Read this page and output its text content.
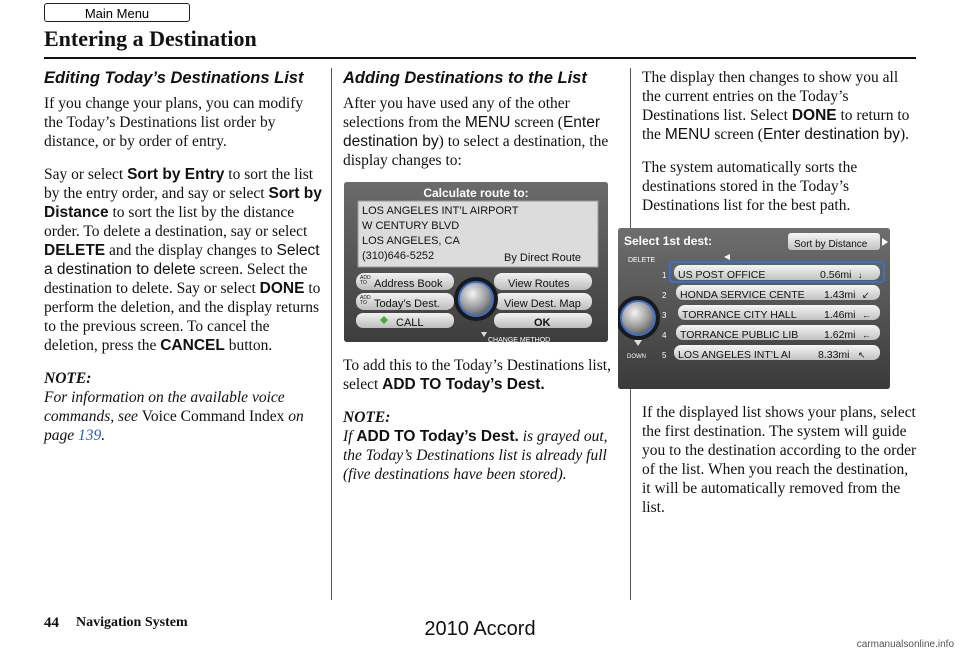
Main Menu
Entering a Destination
Editing Today’s Destinations List

If you change your plans, you can modify the Today’s Destinations list order by distance, or by order of entry.

Say or select Sort by Entry to sort the list by the entry order, and say or select Sort by Distance to sort the list by the distance order. To delete a destination, say or select DELETE and the display changes to Select a destination to delete screen. Select the destination to delete. Say or select DONE to perform the deletion, and the display returns to the previous screen. To cancel the deletion, press the CANCEL button.

NOTE:

For information on the available voice commands, see Voice Command Index on page 139.

Adding Destinations to the List

After you have used any of the other selections from the MENU screen (Enter destination by) to select a destination, the display changes to:

Calculate route to:
LOS ANGELES INT’L AIRPORT
W CENTURY BLVD
LOS ANGELES, CA
(310)646-5252	By Direct Route
ADD TO Address Book	View Routes
ADD TO Today’s Dest.	View Dest. Map
CALL	OK
CHANGE METHOD

To add this to the Today’s Destinations list, select ADD TO Today’s Dest.

NOTE:

If ADD TO Today’s Dest. is grayed out, the Today’s Destinations list is already full (five destinations have been stored).

The display then changes to show you all the current entries on the Today’s Destinations list. Select DONE to return to the MENU screen (Enter destination by).

The system automatically sorts the destinations stored in the Today’s Destinations list for the best path.

Select 1st dest:	Sort by Distance
DELETE
DOWN
1 US POST OFFICE	0.56mi ↓
2 HONDA SERVICE CENTE 1.43mi ↙
3 TORRANCE CITY HALL	1.46mi ←
4 TORRANCE PUBLIC LIB 1.62mi ←
5 LOS ANGELES INT’L AI	8.33mi ↖

If the displayed list shows your plans, select the first destination. The system will guide you to the destination according to the order of the list. When you reach the destination, it will be automatically removed from the list.

44 Navigation System	2010 Accord
carmanualsonline.info
